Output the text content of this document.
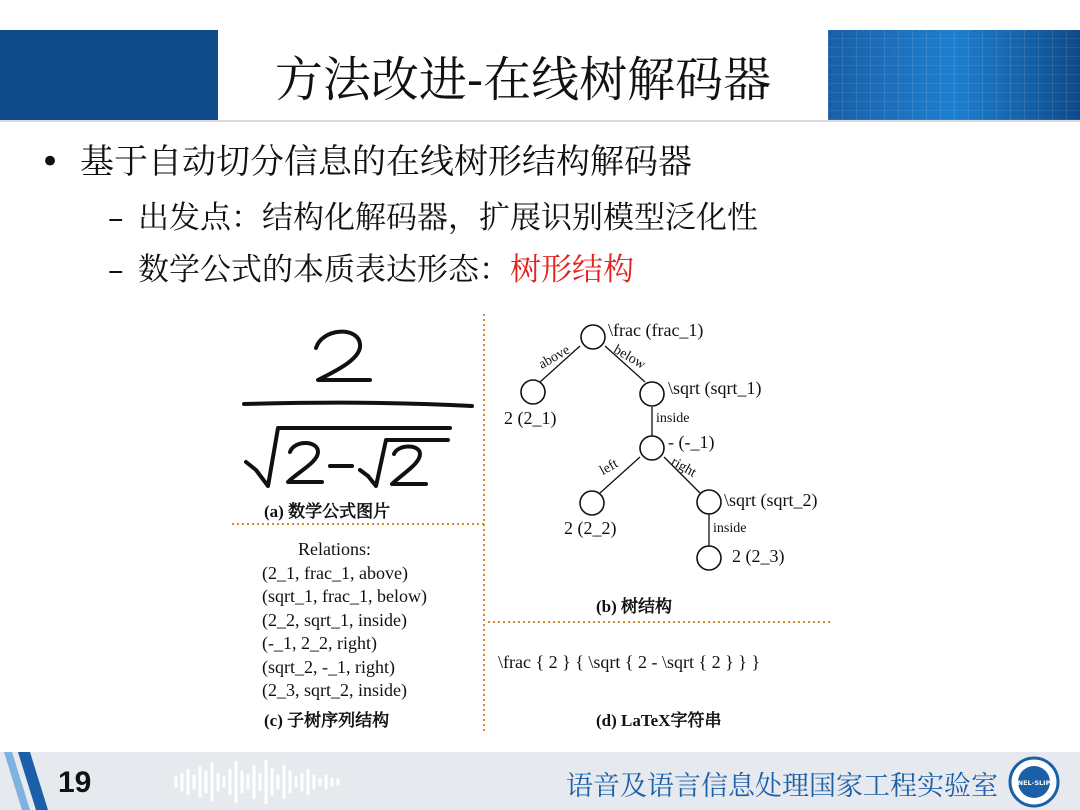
方法改进-在线树解码器
• 基于自动切分信息的在线树形结构解码器
– 出发点：结构化解码器，扩展识别模型泛化性
– 数学公式的本质表达形态：树形结构
(a) 数学公式图片
Relations:
(2_1, frac_1, above)
(sqrt_1, frac_1, below)
(2_2, sqrt_1, inside)
(-_1, 2_2, right)
(sqrt_2, -_1, right)
(2_3, sqrt_2, inside)
(c) 子树序列结构
\frac (frac_1)
2 (2_1)
\sqrt (sqrt_1)
- (-_1)
2 (2_2)
\sqrt (sqrt_2)
2 (2_3)
above	below
inside
left	right
inside
(b) 树结构
\frac { 2 } { \sqrt { 2 - \sqrt { 2 } } }
(d) LaTeX字符串
19	语音及语言信息处理国家工程实验室	NEL-SLIP
